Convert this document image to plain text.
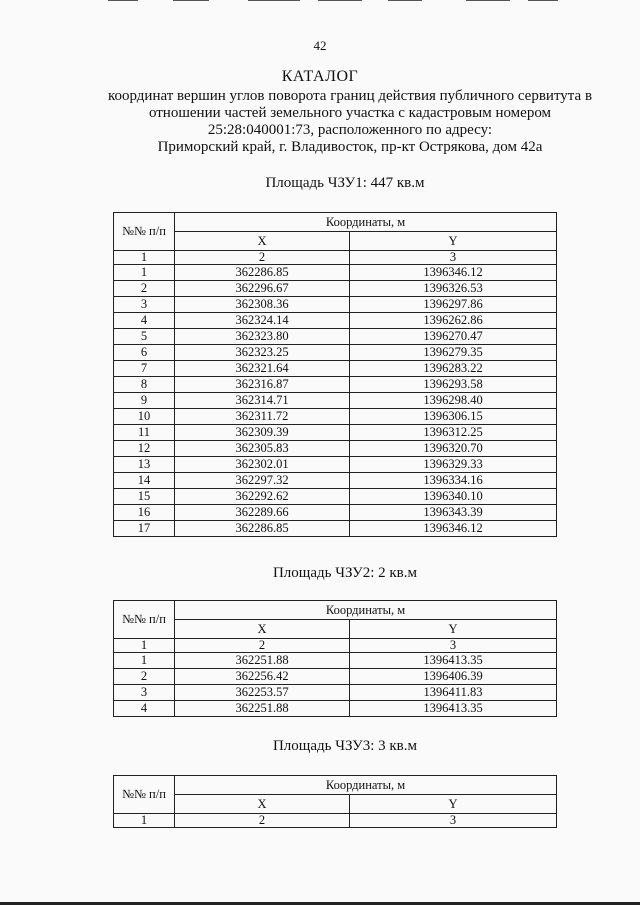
42
КАТАЛОГ
координат вершин углов поворота границ действия публичного сервитута в
отношении частей земельного участка с кадастровым номером
25:28:040001:73, расположенного по адресу:
Приморский край, г. Владивосток, пр-кт Острякова, дом 42а
Площадь ЧЗУ1: 447 кв.м
№№ п/п	Координаты, м	
	X	Y
1	2	3
1	362286.85	1396346.12
2	362296.67	1396326.53
3	362308.36	1396297.86
4	362324.14	1396262.86
5	362323.80	1396270.47
6	362323.25	1396279.35
7	362321.64	1396283.22
8	362316.87	1396293.58
9	362314.71	1396298.40
10	362311.72	1396306.15
11	362309.39	1396312.25
12	362305.83	1396320.70
13	362302.01	1396329.33
14	362297.32	1396334.16
15	362292.62	1396340.10
16	362289.66	1396343.39
17	362286.85	1396346.12
Площадь ЧЗУ2: 2 кв.м
№№ п/п	Координаты, м	
	X	Y
1	2	3
1	362251.88	1396413.35
2	362256.42	1396406.39
3	362253.57	1396411.83
4	362251.88	1396413.35
Площадь ЧЗУ3: 3 кв.м
№№ п/п	Координаты, м	
	X	Y
1	2	3
